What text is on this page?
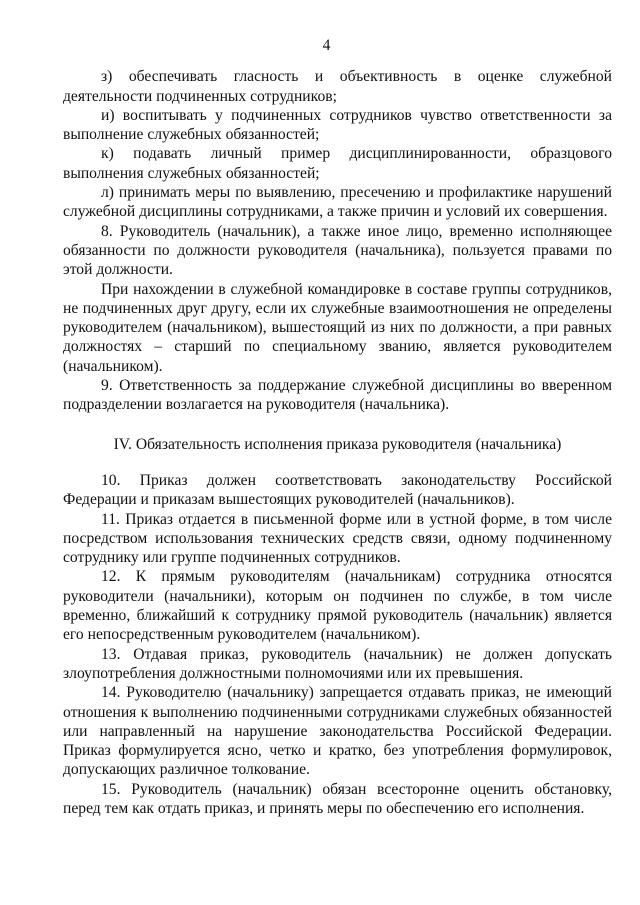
4

з) обеспечивать гласность и объективность в оценке служебной деятельности подчиненных сотрудников;

и) воспитывать у подчиненных сотрудников чувство ответственности за выполнение служебных обязанностей;

к) подавать личный пример дисциплинированности, образцового выполнения служебных обязанностей;

л) принимать меры по выявлению, пресечению и профилактике нарушений служебной дисциплины сотрудниками, а также причин и условий их совершения.

8. Руководитель (начальник), а также иное лицо, временно исполняющее обязанности по должности руководителя (начальника), пользуется правами по этой должности.

При нахождении в служебной командировке в составе группы сотрудников, не подчиненных друг другу, если их служебные взаимоотношения не определены руководителем (начальником), вышестоящий из них по должности, а при равных должностях – старший по специальному званию, является руководителем (начальником).

9. Ответственность за поддержание служебной дисциплины во вверенном подразделении возлагается на руководителя (начальника).

IV. Обязательность исполнения приказа руководителя (начальника)

10. Приказ должен соответствовать законодательству Российской Федерации и приказам вышестоящих руководителей (начальников).

11. Приказ отдается в письменной форме или в устной форме, в том числе посредством использования технических средств связи, одному подчиненному сотруднику или группе подчиненных сотрудников.

12. К прямым руководителям (начальникам) сотрудника относятся руководители (начальники), которым он подчинен по службе, в том числе временно, ближайший к сотруднику прямой руководитель (начальник) является его непосредственным руководителем (начальником).

13. Отдавая приказ, руководитель (начальник) не должен допускать злоупотребления должностными полномочиями или их превышения.

14. Руководителю (начальнику) запрещается отдавать приказ, не имеющий отношения к выполнению подчиненными сотрудниками служебных обязанностей или направленный на нарушение законодательства Российской Федерации. Приказ формулируется ясно, четко и кратко, без употребления формулировок, допускающих различное толкование.

15. Руководитель (начальник) обязан всесторонне оценить обстановку, перед тем как отдать приказ, и принять меры по обеспечению его исполнения.
